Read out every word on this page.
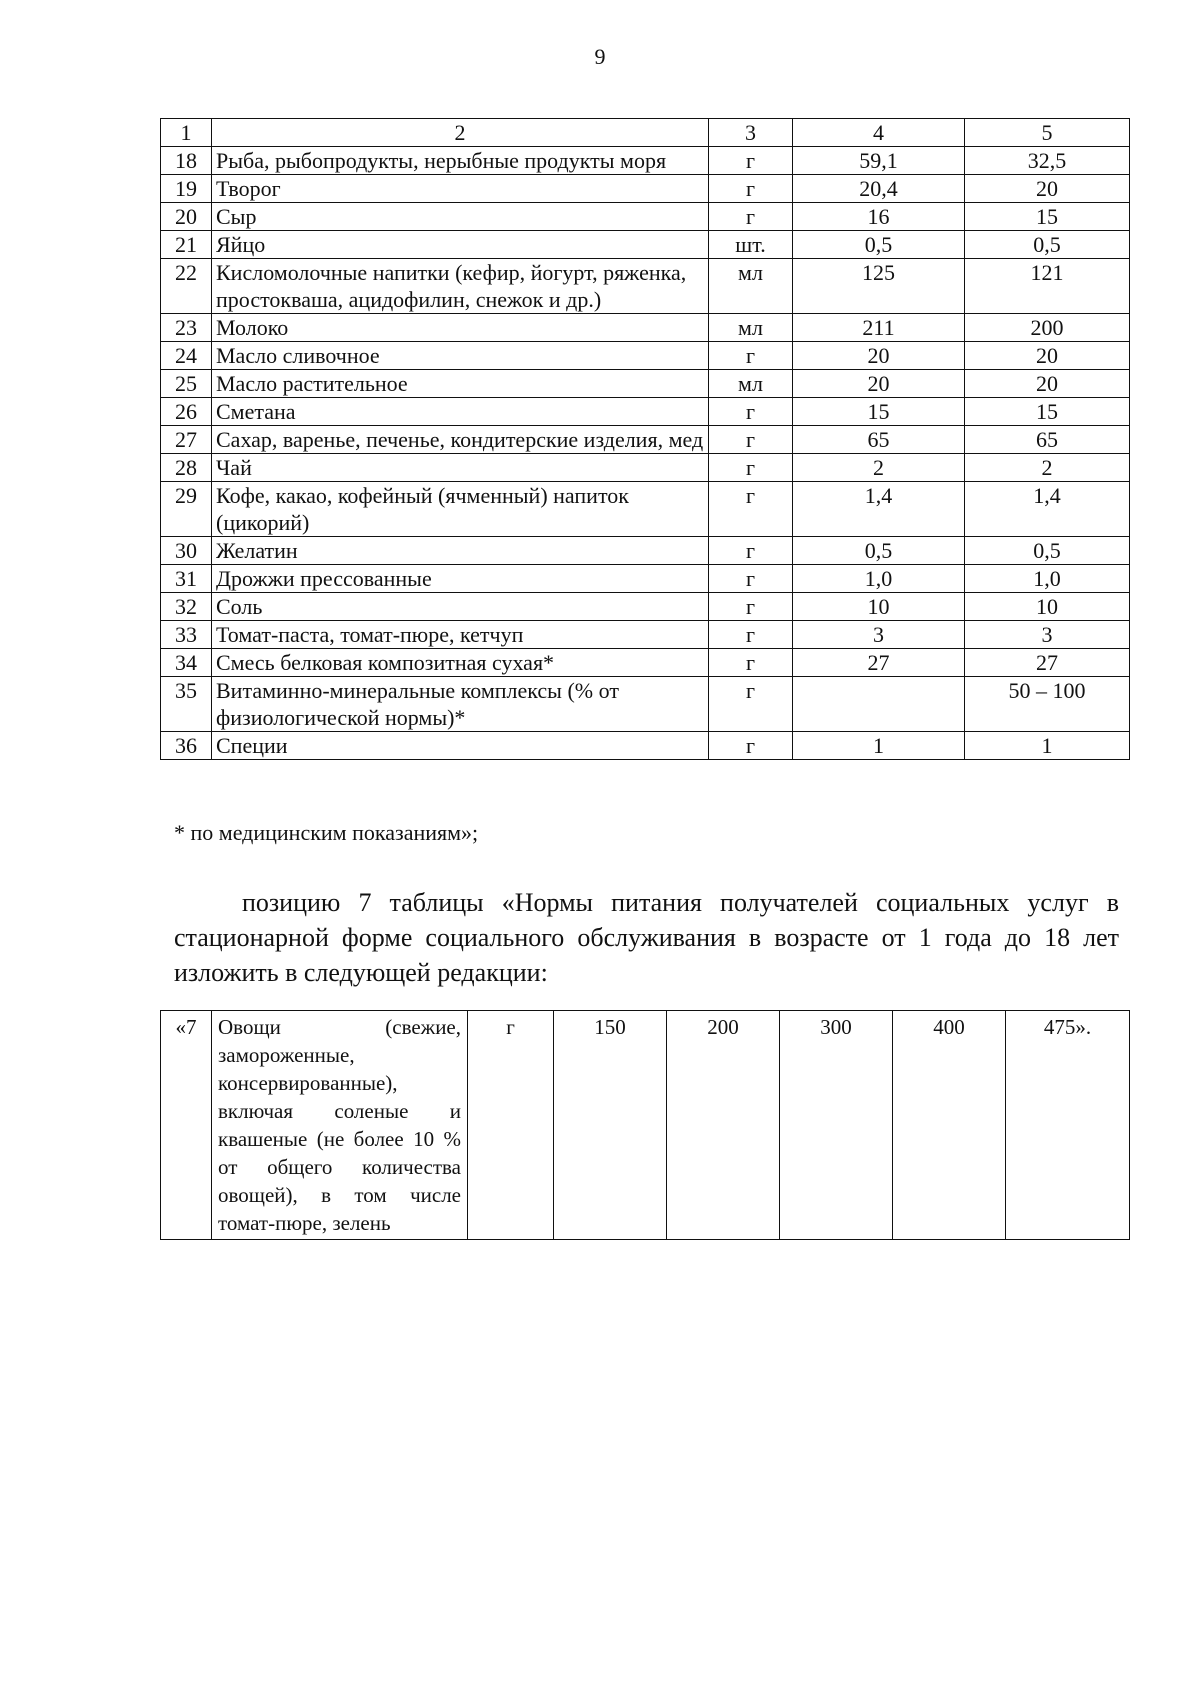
9
1	2	3	4	5
18	Рыба, рыбопродукты, нерыбные продукты моря	г	59,1	32,5
19	Творог	г	20,4	20
20	Сыр	г	16	15
21	Яйцо	шт.	0,5	0,5
22	Кисломолочные напитки (кефир, йогурт, ряженка, простокваша, ацидофилин, снежок и др.)	мл	125	121
23	Молоко	мл	211	200
24	Масло сливочное	г	20	20
25	Масло растительное	мл	20	20
26	Сметана	г	15	15
27	Сахар, варенье, печенье, кондитерские изделия, мед	г	65	65
28	Чай	г	2	2
29	Кофе, какао, кофейный (ячменный) напиток (цикорий)	г	1,4	1,4
30	Желатин	г	0,5	0,5
31	Дрожжи прессованные	г	1,0	1,0
32	Соль	г	10	10
33	Томат-паста, томат-пюре, кетчуп	г	3	3
34	Смесь белковая композитная сухая*	г	27	27
35	Витаминно-минеральные комплексы (% от физиологической нормы)*	г		50 – 100
36	Специи	г	1	1
* по медицинским показаниям»;
позицию 7 таблицы «Нормы питания получателей социальных услуг в стационарной форме социального обслуживания в возрасте от 1 года до 18 лет изложить в следующей редакции:
«7	Овощи (свежие, замороженные, консервированные), включая соленые и квашеные (не более 10 % от общего количества овощей), в том числе томат-пюре, зелень	г	150	200	300	400	475».
